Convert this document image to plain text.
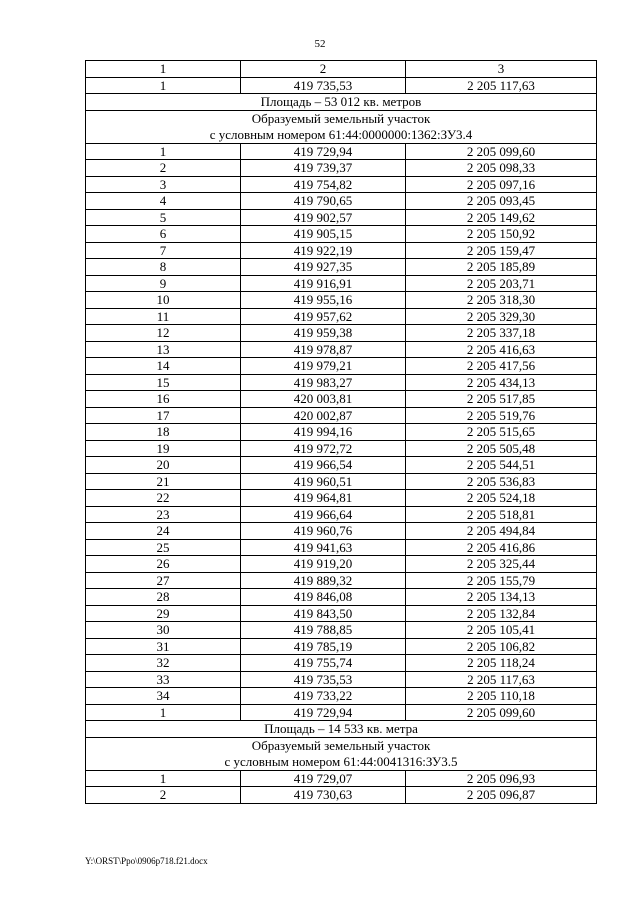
52
1	2	3
1	419 735,53	2 205 117,63
Площадь – 53 012 кв. метров		

Образуемый земельный участок
с условным номером 61:44:0000000:1362:ЗУ3.4		

1	419 729,94	2 205 099,60
2	419 739,37	2 205 098,33
3	419 754,82	2 205 097,16
4	419 790,65	2 205 093,45
5	419 902,57	2 205 149,62
6	419 905,15	2 205 150,92
7	419 922,19	2 205 159,47
8	419 927,35	2 205 185,89
9	419 916,91	2 205 203,71
10	419 955,16	2 205 318,30
11	419 957,62	2 205 329,30
12	419 959,38	2 205 337,18
13	419 978,87	2 205 416,63
14	419 979,21	2 205 417,56
15	419 983,27	2 205 434,13
16	420 003,81	2 205 517,85
17	420 002,87	2 205 519,76
18	419 994,16	2 205 515,65
19	419 972,72	2 205 505,48
20	419 966,54	2 205 544,51
21	419 960,51	2 205 536,83
22	419 964,81	2 205 524,18
23	419 966,64	2 205 518,81
24	419 960,76	2 205 494,84
25	419 941,63	2 205 416,86
26	419 919,20	2 205 325,44
27	419 889,32	2 205 155,79
28	419 846,08	2 205 134,13
29	419 843,50	2 205 132,84
30	419 788,85	2 205 105,41
31	419 785,19	2 205 106,82
32	419 755,74	2 205 118,24
33	419 735,53	2 205 117,63
34	419 733,22	2 205 110,18
1	419 729,94	2 205 099,60
Площадь – 14 533 кв. метра		

Образуемый земельный участок
с условным номером 61:44:0041316:ЗУ3.5		

1	419 729,07	2 205 096,93
2	419 730,63	2 205 096,87
Y:\ORST\Ppo\0906p718.f21.docx
